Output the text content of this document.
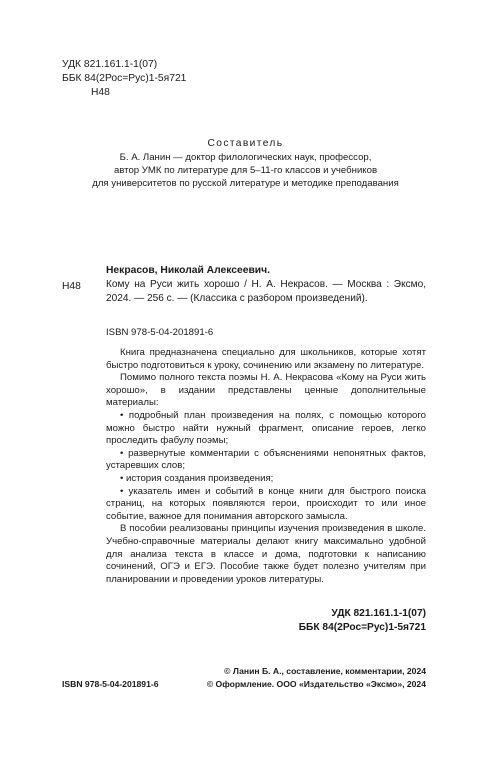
УДК 821.161.1-1(07)
ББК 84(2Рос=Рус)1-5я721
Н48
Составитель
Б. А. Ланин — доктор филологических наук, профессор,
автор УМК по литературе для 5–11-го классов и учебников
для университетов по русской литературе и методике преподавания
Н48
Некрасов, Николай Алексеевич.
Кому на Руси жить хорошо / Н. А. Некрасов. — Москва : Эксмо, 2024. — 256 с. — (Классика с разбором произведений).
ISBN 978-5-04-201891-6

Книга предназначена специально для школьников, которые хотят быстро подготовиться к уроку, сочинению или экзамену по литературе.

Помимо полного текста поэмы Н. А. Некрасова «Кому на Руси жить хорошо», в издании представлены ценные дополнительные материалы:

• подробный план произведения на полях, с помощью которого можно быстро найти нужный фрагмент, описание героев, легко проследить фабулу поэмы;

• развернутые комментарии с объяснениями непонятных фактов, устаревших слов;

• история создания произведения;

• указатель имен и событий в конце книги для быстрого поиска страниц, на которых появляются герои, происходит то или иное событие, важное для понимания авторского замысла.

В пособии реализованы принципы изучения произведения в школе. Учебно-справочные материалы делают книгу максимально удобной для анализа текста в классе и дома, подготовки к написанию сочинений, ОГЭ и ЕГЭ. Пособие также будет полезно учителям при планировании и проведении уроков литературы.

УДК 821.161.1-1(07)
ББК 84(2Рос=Рус)1-5я721
ISBN 978-5-04-201891-6
© Ланин Б. А., составление, комментарии, 2024
© Оформление. ООО «Издательство «Эксмо», 2024
